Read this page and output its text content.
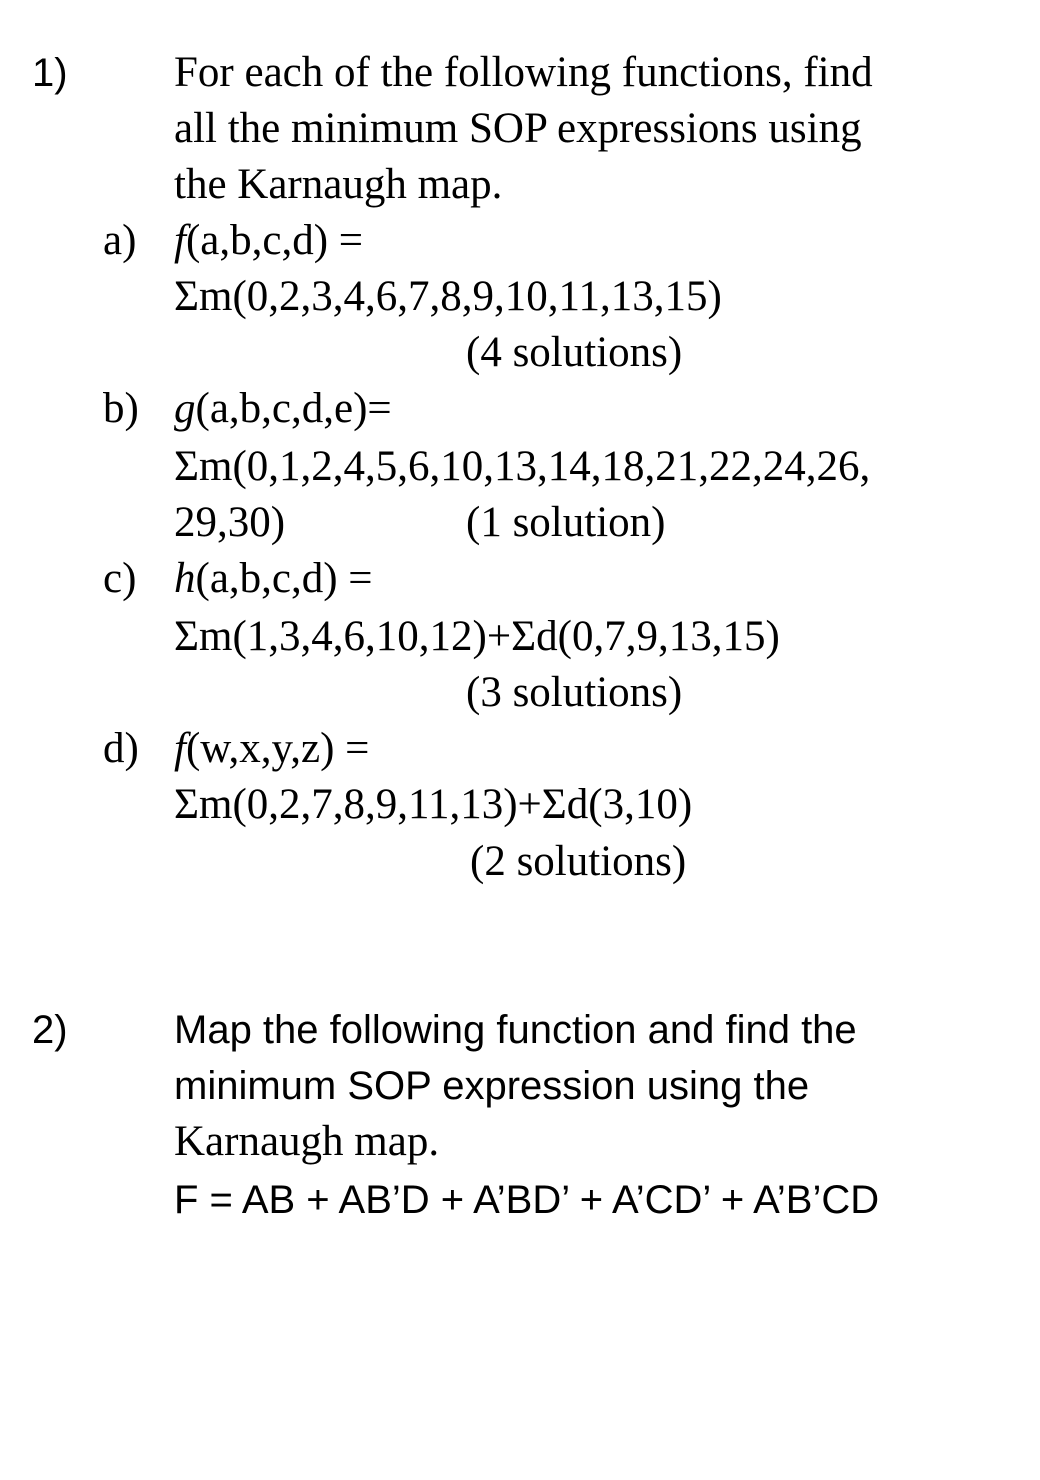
1) For each of the following functions, find
all the minimum SOP expressions using
the Karnaugh map.
a) f(a,b,c,d) =
Σm(0,2,3,4,6,7,8,9,10,11,13,15)
(4 solutions)
b) g(a,b,c,d,e)=
Σm(0,1,2,4,5,6,10,13,14,18,21,22,24,26,
29,30)	(1 solution)
c) h(a,b,c,d) =
Σm(1,3,4,6,10,12)+Σd(0,7,9,13,15)
(3 solutions)
d) f(w,x,y,z) =
Σm(0,2,7,8,9,11,13)+Σd(3,10)
(2 solutions)
2)	Map the following function and find the
minimum SOP expression using the
Karnaugh map.
F = AB + AB’D + A’BD’ + A’CD’ + A’B’CD
